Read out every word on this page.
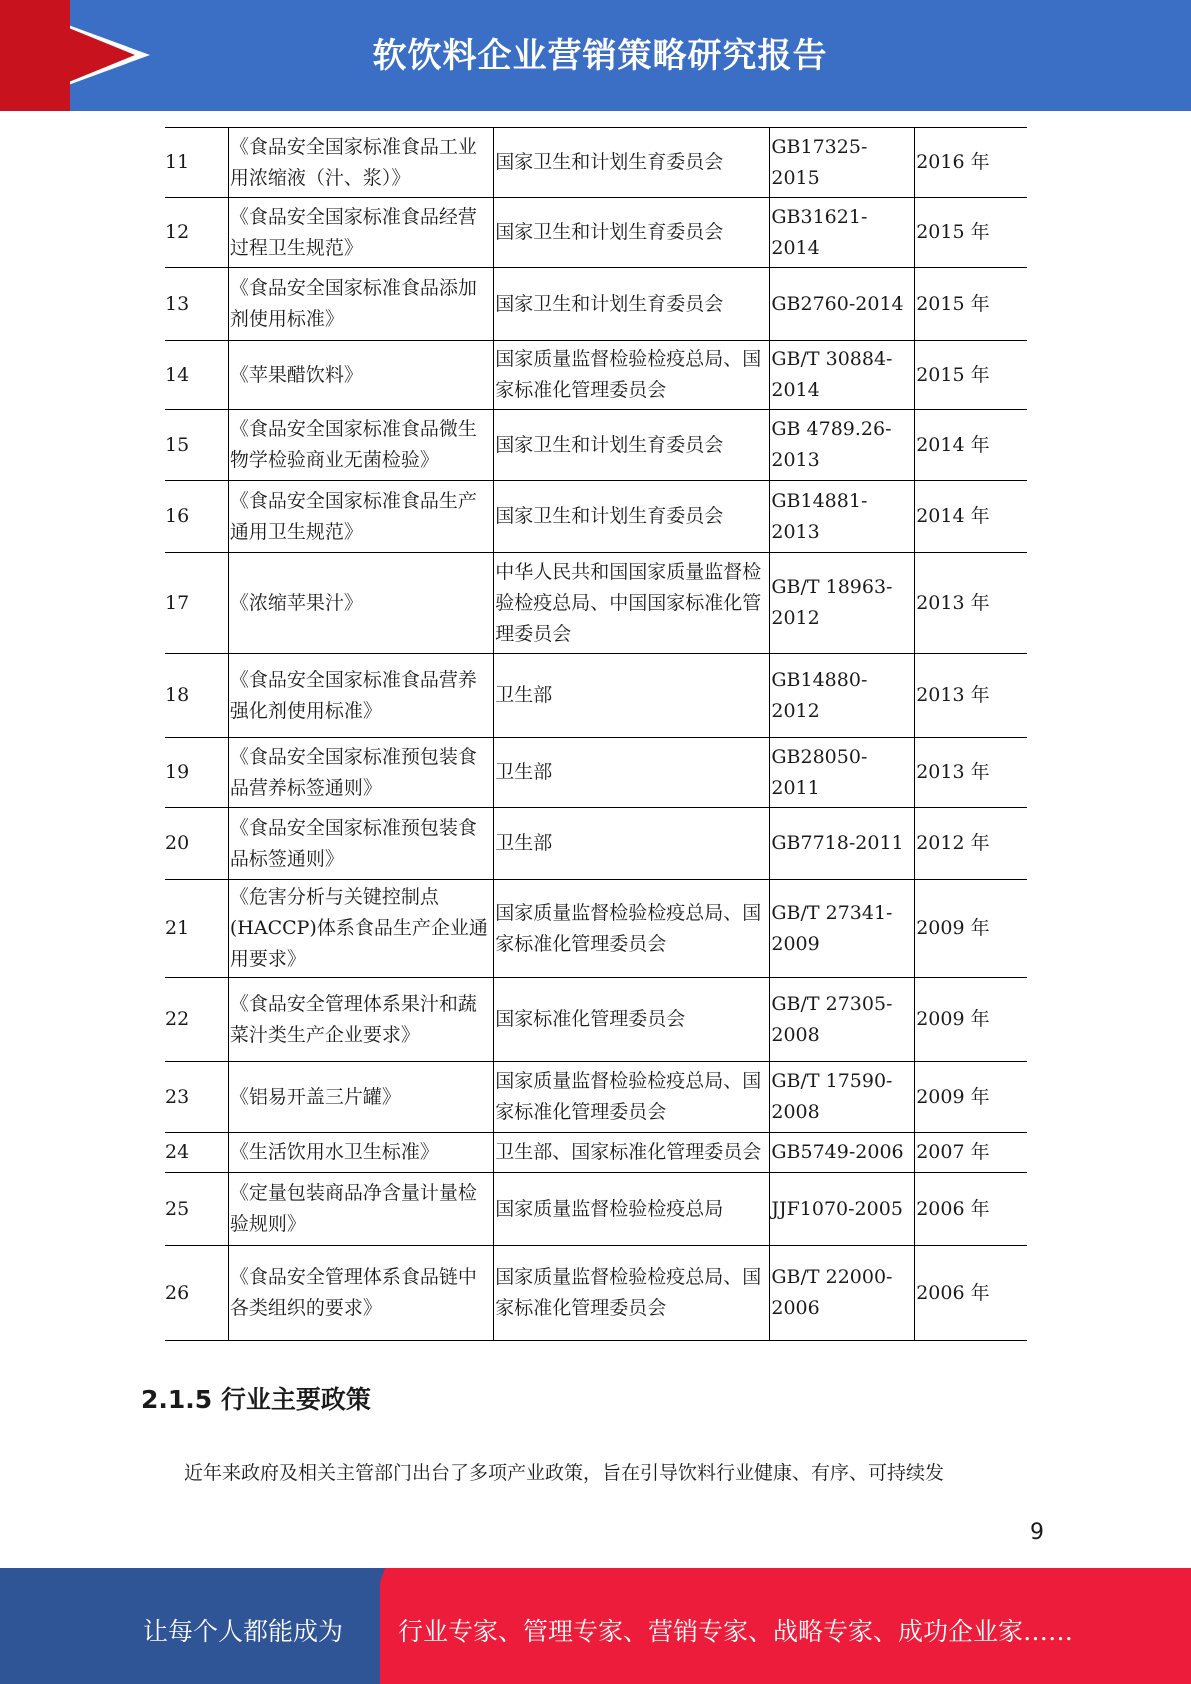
软饮料企业营销策略研究报告
11	《食品安全国家标准食品工业用浓缩液（汁、浆）》	国家卫生和计划生育委员会	GB17325-2015	2016 年
12	《食品安全国家标准食品经营过程卫生规范》	国家卫生和计划生育委员会	GB31621-2014	2015 年
13	《食品安全国家标准食品添加剂使用标准》	国家卫生和计划生育委员会	GB2760-2014	2015 年
14	《苹果醋饮料》	国家质量监督检验检疫总局、国家标准化管理委员会	GB/T 30884-2014	2015 年
15	《食品安全国家标准食品微生物学检验商业无菌检验》	国家卫生和计划生育委员会	GB 4789.26-2013	2014 年
16	《食品安全国家标准食品生产通用卫生规范》	国家卫生和计划生育委员会	GB14881-2013	2014 年
17	《浓缩苹果汁》	中华人民共和国国家质量监督检验检疫总局、中国国家标准化管理委员会	GB/T 18963-2012	2013 年
18	《食品安全国家标准食品营养强化剂使用标准》	卫生部	GB14880-2012	2013 年
19	《食品安全国家标准预包装食品营养标签通则》	卫生部	GB28050-2011	2013 年
20	《食品安全国家标准预包装食品标签通则》	卫生部	GB7718-2011	2012 年
21	《危害分析与关键控制点(HACCP)体系食品生产企业通用要求》	国家质量监督检验检疫总局、国家标准化管理委员会	GB/T 27341-2009	2009 年
22	《食品安全管理体系果汁和蔬菜汁类生产企业要求》	国家标准化管理委员会	GB/T 27305-2008	2009 年
23	《铝易开盖三片罐》	国家质量监督检验检疫总局、国家标准化管理委员会	GB/T 17590-2008	2009 年
24	《生活饮用水卫生标准》	卫生部、国家标准化管理委员会	GB5749-2006	2007 年
25	《定量包装商品净含量计量检验规则》	国家质量监督检验检疫总局	JJF1070-2005	2006 年
26	《食品安全管理体系食品链中各类组织的要求》	国家质量监督检验检疫总局、国家标准化管理委员会	GB/T 22000-2006	2006 年
2.1.5 行业主要政策
近年来政府及相关主管部门出台了多项产业政策，旨在引导饮料行业健康、有序、可持续发
9
让每个人都能成为 行业专家、管理专家、营销专家、战略专家、成功企业家……
